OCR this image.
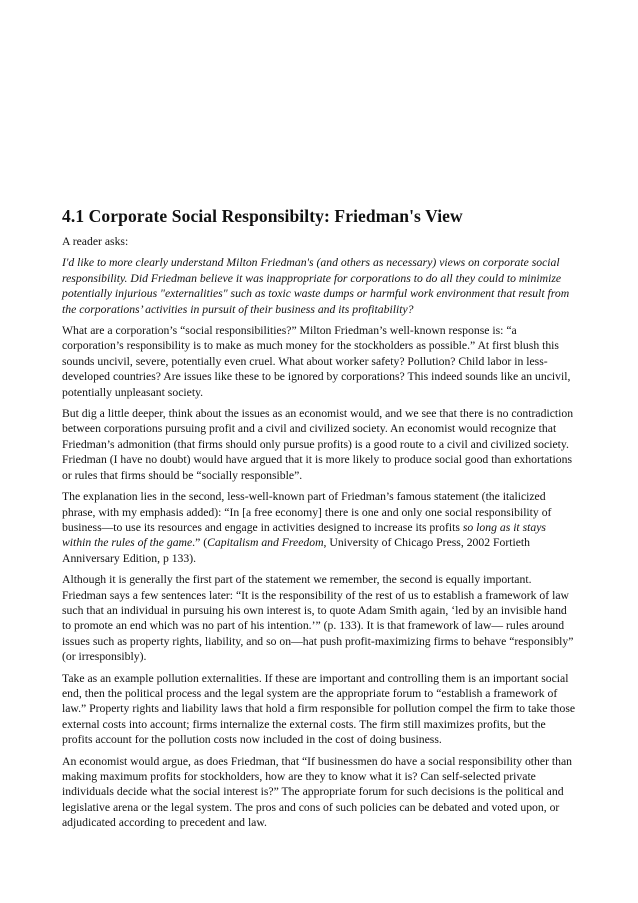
4.1 Corporate Social Responsibilty: Friedman's View

A reader asks:

I'd like to more clearly understand Milton Friedman's (and others as necessary) views on corporate social responsibility. Did Friedman believe it was inappropriate for corporations to do all they could to minimize potentially injurious "externalities" such as toxic waste dumps or harmful work environment that result from the corporations’ activities in pursuit of their business and its profitability?

What are a corporation’s “social responsibilities?” Milton Friedman’s well-known response is: “a corporation’s responsibility is to make as much money for the stockholders as possible.” At first blush this sounds uncivil, severe, potentially even cruel. What about worker safety? Pollution? Child labor in less-developed countries? Are issues like these to be ignored by corporations? This indeed sounds like an uncivil, potentially unpleasant society.

But dig a little deeper, think about the issues as an economist would, and we see that there is no contradiction between corporations pursuing profit and a civil and civilized society. An economist would recognize that Friedman’s admonition (that firms should only pursue profits) is a good route to a civil and civilized society. Friedman (I have no doubt) would have argued that it is more likely to produce social good than exhortations or rules that firms should be “socially responsible”.

The explanation lies in the second, less-well-known part of Friedman’s famous statement (the italicized phrase, with my emphasis added): “In [a free economy] there is one and only one social responsibility of business—to use its resources and engage in activities designed to increase its profits so long as it stays within the rules of the game.” (Capitalism and Freedom, University of Chicago Press, 2002 Fortieth Anniversary Edition, p 133).

Although it is generally the first part of the statement we remember, the second is equally important. Friedman says a few sentences later: “It is the responsibility of the rest of us to establish a framework of law such that an individual in pursuing his own interest is, to quote Adam Smith again, ‘led by an invisible hand to promote an end which was no part of his intention.’” (p. 133). It is that framework of law— rules around issues such as property rights, liability, and so on—hat push profit-maximizing firms to behave “responsibly” (or irresponsibly).

Take as an example pollution externalities. If these are important and controlling them is an important social end, then the political process and the legal system are the appropriate forum to “establish a framework of law.” Property rights and liability laws that hold a firm responsible for pollution compel the firm to take those external costs into account; firms internalize the external costs. The firm still maximizes profits, but the profits account for the pollution costs now included in the cost of doing business.

An economist would argue, as does Friedman, that “If businessmen do have a social responsibility other than making maximum profits for stockholders, how are they to know what it is? Can self-selected private individuals decide what the social interest is?” The appropriate forum for such decisions is the political and legislative arena or the legal system. The pros and cons of such policies can be debated and voted upon, or adjudicated according to precedent and law.
